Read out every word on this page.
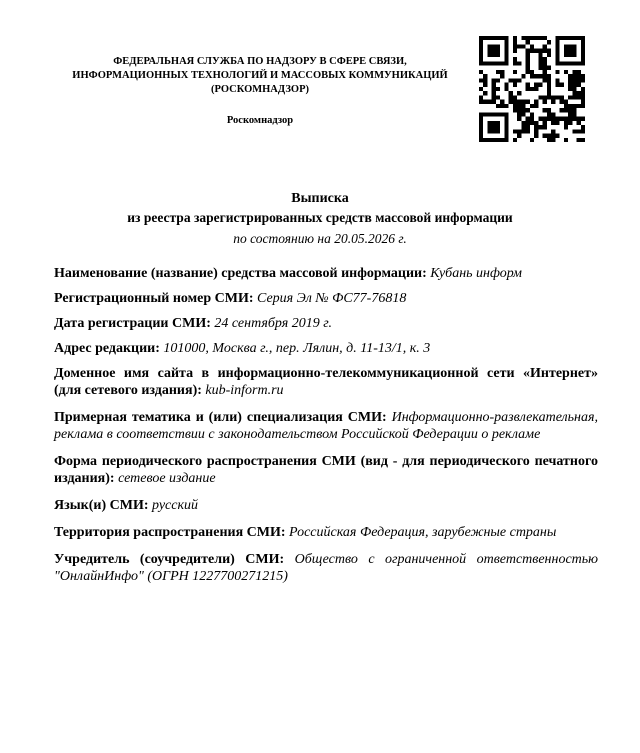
ФЕДЕРАЛЬНАЯ СЛУЖБА ПО НАДЗОРУ В СФЕРЕ СВЯЗИ,
ИНФОРМАЦИОННЫХ ТЕХНОЛОГИЙ И МАССОВЫХ КОММУНИКАЦИЙ
(РОСКОМНАДЗОР)
Роскомнадзор
Выписка
из реестра зарегистрированных средств массовой информации
по состоянию на 20.05.2026 г.
Наименование (название) средства массовой информации: Кубань информ
Регистрационный номер СМИ: Серия Эл № ФС77-76818
Дата регистрации СМИ: 24 сентября 2019 г.
Адрес редакции: 101000, Москва г., пер. Лялин, д. 11-13/1, к. 3
Доменное имя сайта в информационно-телекоммуникационной сети «Интернет» (для сетевого издания): kub-inform.ru
Примерная тематика и (или) специализация СМИ: Информационно-развлекательная, реклама в соответствии с законодательством Российской Федерации о рекламе
Форма периодического распространения СМИ (вид - для периодического печатного издания): сетевое издание
Язык(и) СМИ: русский
Территория распространения СМИ: Российская Федерация, зарубежные страны
Учредитель (соучредители) СМИ: Общество с ограниченной ответственностью "ОнлайнИнфо" (ОГРН 1227700271215)
